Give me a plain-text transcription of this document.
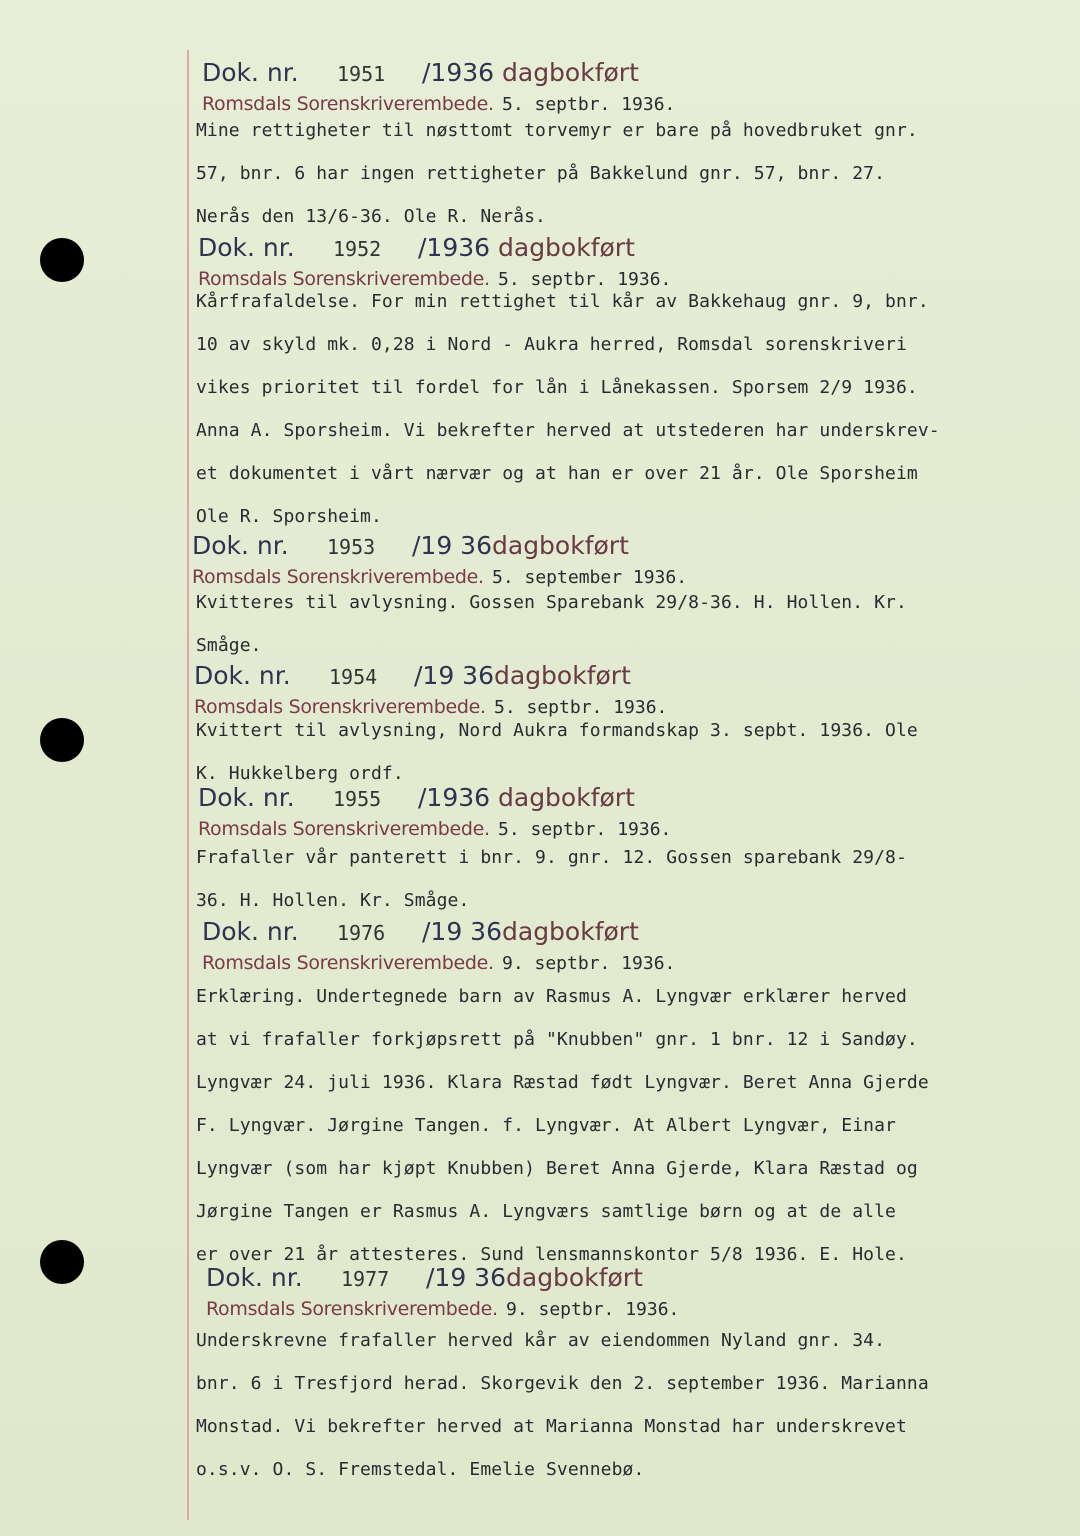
Dok. nr. 1951 /1936 dagbokført
Romsdals Sorenskriverembede. 5. septbr. 1936.
Mine rettigheter til nøsttomt torvemyr er bare på hovedbruket gnr.
57, bnr. 6 har ingen rettigheter på Bakkelund gnr. 57, bnr. 27.
Nerås den 13/6-36. Ole R. Nerås.
Dok. nr. 1952 /1936 dagbokført
Romsdals Sorenskriverembede. 5. septbr. 1936.
Kårfrafaldelse. For min rettighet til kår av Bakkehaug gnr. 9, bnr.
10 av skyld mk. 0,28 i Nord - Aukra herred, Romsdal sorenskriveri
vikes prioritet til fordel for lån i Lånekassen. Sporsem 2/9 1936.
Anna A. Sporsheim. Vi bekrefter herved at utstederen har underskrev-
et dokumentet i vårt nærvær og at han er over 21 år. Ole Sporsheim
Ole R. Sporsheim.
Dok. nr. 1953 /19 36dagbokført
Romsdals Sorenskriverembede. 5. september 1936.
Kvitteres til avlysning. Gossen Sparebank 29/8-36. H. Hollen. Kr.
Småge.
Dok. nr. 1954 /19 36dagbokført
Romsdals Sorenskriverembede. 5. septbr. 1936.
Kvittert til avlysning, Nord Aukra formandskap 3. sepbt. 1936. Ole
K. Hukkelberg ordf.
Dok. nr. 1955 /1936 dagbokført
Romsdals Sorenskriverembede. 5. septbr. 1936.
Frafaller vår panterett i bnr. 9. gnr. 12. Gossen sparebank 29/8-
36. H. Hollen. Kr. Småge.
Dok. nr. 1976 /19 36dagbokført
Romsdals Sorenskriverembede. 9. septbr. 1936.
Erklæring. Undertegnede barn av Rasmus A. Lyngvær erklærer herved
at vi frafaller forkjøpsrett på "Knubben" gnr. 1 bnr. 12 i Sandøy.
Lyngvær 24. juli 1936. Klara Ræstad født Lyngvær. Beret Anna Gjerde
F. Lyngvær. Jørgine Tangen. f. Lyngvær. At Albert Lyngvær, Einar
Lyngvær (som har kjøpt Knubben) Beret Anna Gjerde, Klara Ræstad og
Jørgine Tangen er Rasmus A. Lyngværs samtlige børn og at de alle
er over 21 år attesteres. Sund lensmannskontor 5/8 1936. E. Hole.
Dok. nr. 1977 /19 36dagbokført
Romsdals Sorenskriverembede. 9. septbr. 1936.
Underskrevne frafaller herved kår av eiendommen Nyland gnr. 34.
bnr. 6 i Tresfjord herad. Skorgevik den 2. september 1936. Marianna
Monstad. Vi bekrefter herved at Marianna Monstad har underskrevet
o.s.v. O. S. Fremstedal. Emelie Svennebø.
